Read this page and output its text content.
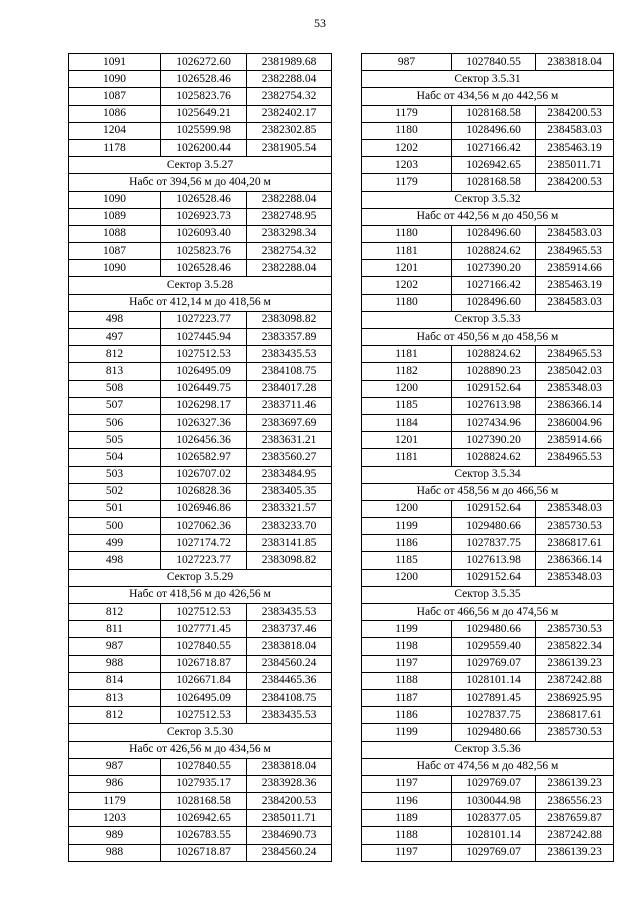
53
1091	1026272.60	2381989.68
1090	1026528.46	2382288.04
1087	1025823.76	2382754.32
1086	1025649.21	2382402.17
1204	1025599.98	2382302.85
1178	1026200.44	2381905.54
Сектор 3.5.27		
Набс от 394,56 м до 404,20 м		
1090	1026528.46	2382288.04
1089	1026923.73	2382748.95
1088	1026093.40	2383298.34
1087	1025823.76	2382754.32
1090	1026528.46	2382288.04
Сектор 3.5.28		
Набс от 412,14 м до 418,56 м		
498	1027223.77	2383098.82
497	1027445.94	2383357.89
812	1027512.53	2383435.53
813	1026495.09	2384108.75
508	1026449.75	2384017.28
507	1026298.17	2383711.46
506	1026327.36	2383697.69
505	1026456.36	2383631.21
504	1026582.97	2383560.27
503	1026707.02	2383484.95
502	1026828.36	2383405.35
501	1026946.86	2383321.57
500	1027062.36	2383233.70
499	1027174.72	2383141.85
498	1027223.77	2383098.82
Сектор 3.5.29		
Набс от 418,56 м до 426,56 м		
812	1027512.53	2383435.53
811	1027771.45	2383737.46
987	1027840.55	2383818.04
988	1026718.87	2384560.24
814	1026671.84	2384465.36
813	1026495.09	2384108.75
812	1027512.53	2383435.53
Сектор 3.5.30		
Набс от 426,56 м до 434,56 м		
987	1027840.55	2383818.04
986	1027935.17	2383928.36
1179	1028168.58	2384200.53
1203	1026942.65	2385011.71
989	1026783.55	2384690.73
988	1026718.87	2384560.24
987	1027840.55	2383818.04
Сектор 3.5.31		
Набс от 434,56 м до 442,56 м		
1179	1028168.58	2384200.53
1180	1028496.60	2384583.03
1202	1027166.42	2385463.19
1203	1026942.65	2385011.71
1179	1028168.58	2384200.53
Сектор 3.5.32		
Набс от 442,56 м до 450,56 м		
1180	1028496.60	2384583.03
1181	1028824.62	2384965.53
1201	1027390.20	2385914.66
1202	1027166.42	2385463.19
1180	1028496.60	2384583.03
Сектор 3.5.33		
Набс от 450,56 м до 458,56 м		
1181	1028824.62	2384965.53
1182	1028890.23	2385042.03
1200	1029152.64	2385348.03
1185	1027613.98	2386366.14
1184	1027434.96	2386004.96
1201	1027390.20	2385914.66
1181	1028824.62	2384965.53
Сектор 3.5.34		
Набс от 458,56 м до 466,56 м		
1200	1029152.64	2385348.03
1199	1029480.66	2385730.53
1186	1027837.75	2386817.61
1185	1027613.98	2386366.14
1200	1029152.64	2385348.03
Сектор 3.5.35		
Набс от 466,56 м до 474,56 м		
1199	1029480.66	2385730.53
1198	1029559.40	2385822.34
1197	1029769.07	2386139.23
1188	1028101.14	2387242.88
1187	1027891.45	2386925.95
1186	1027837.75	2386817.61
1199	1029480.66	2385730.53
Сектор 3.5.36		
Набс от 474,56 м до 482,56 м		
1197	1029769.07	2386139.23
1196	1030044.98	2386556.23
1189	1028377.05	2387659.87
1188	1028101.14	2387242.88
1197	1029769.07	2386139.23
